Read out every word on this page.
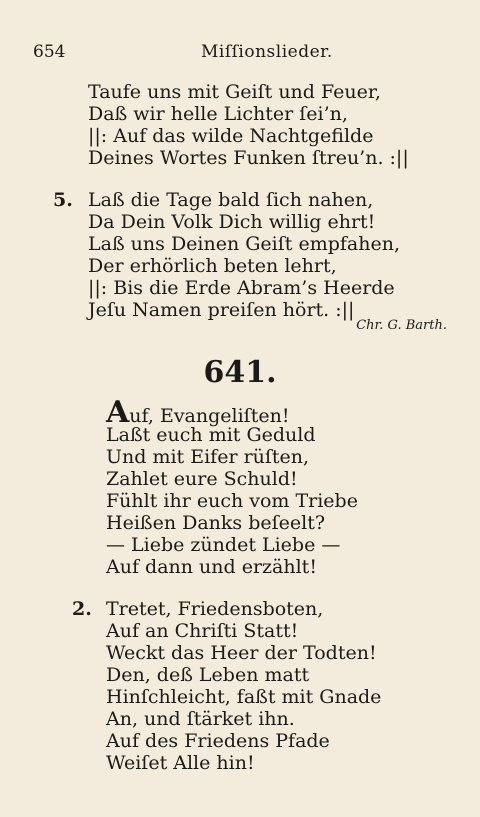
654	Miſſionslieder.
Taufe uns mit Geiſt und Feuer,
Daß wir helle Lichter ſei’n,
||: Auf das wilde Nachtgefilde
Deines Wortes Funken ſtreu’n. :||
5. Laß die Tage bald ſich nahen,
Da Dein Volk Dich willig ehrt!
Laß uns Deinen Geiſt empfahen,
Der erhörlich beten lehrt,
||: Bis die Erde Abram’s Heerde
Jeſu Namen preiſen hört. :||
Chr. G. Barth.
641.
Auf, Evangeliſten!
Laßt euch mit Geduld
Und mit Eifer rüſten,
Zahlet eure Schuld!
Fühlt ihr euch vom Triebe
Heißen Danks beſeelt?
— Liebe zündet Liebe —
Auf dann und erzählt!
2. Tretet, Friedensboten,
Auf an Chriſti Statt!
Weckt das Heer der Todten!
Den, deß Leben matt
Hinſchleicht, faßt mit Gnade
An, und ſtärket ihn.
Auf des Friedens Pfade
Weiſet Alle hin!
